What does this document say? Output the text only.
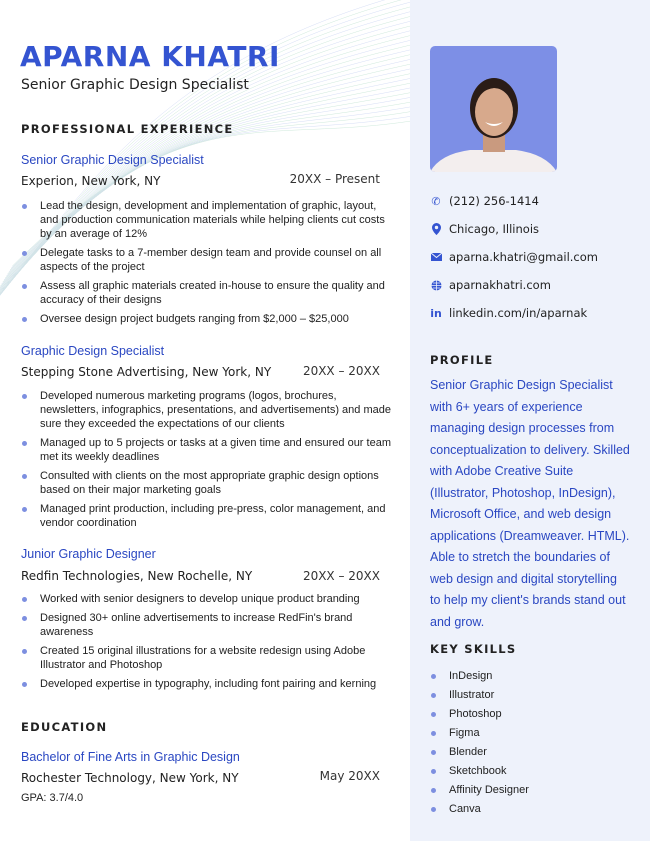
APARNA KHATRI
Senior Graphic Design Specialist
PROFESSIONAL EXPERIENCE
Senior Graphic Design Specialist
Experion, New York, NY	20XX – Present
Lead the design, development and implementation of graphic, layout, and production communication materials while helping clients cut costs by an average of 12%
Delegate tasks to a 7-member design team and provide counsel on all aspects of the project
Assess all graphic materials created in-house to ensure the quality and accuracy of their designs
Oversee design project budgets ranging from $2,000 – $25,000
Graphic Design Specialist
Stepping Stone Advertising, New York, NY	20XX – 20XX
Developed numerous marketing programs (logos, brochures, newsletters, infographics, presentations, and advertisements) and made sure they exceeded the expectations of our clients
Managed up to 5 projects or tasks at a given time and ensured our team met its weekly deadlines
Consulted with clients on the most appropriate graphic design options based on their major marketing goals
Managed print production, including pre-press, color management, and vendor coordination
Junior Graphic Designer
Redfin Technologies, New Rochelle, NY	20XX – 20XX
Worked with senior designers to develop unique product branding
Designed 30+ online advertisements to increase RedFin's brand awareness
Created 15 original illustrations for a website redesign using Adobe Illustrator and Photoshop
Developed expertise in typography, including font pairing and kerning
EDUCATION
Bachelor of Fine Arts in Graphic Design
Rochester Technology, New York, NY	May 20XX
GPA: 3.7/4.0
✆ (212) 256-1414
Chicago, Illinois
aparna.khatri@gmail.com
aparnakhatri.com
in linkedin.com/in/aparnak
PROFILE
Senior Graphic Design Specialist with 6+ years of experience managing design processes from conceptualization to delivery. Skilled with Adobe Creative Suite (Illustrator, Photoshop, InDesign), Microsoft Office, and web design applications (Dreamweaver. HTML). Able to stretch the boundaries of web design and digital storytelling to help my client's brands stand out and grow.
KEY SKILLS
InDesign
Illustrator
Photoshop
Figma
Blender
Sketchbook
Affinity Designer
Canva
